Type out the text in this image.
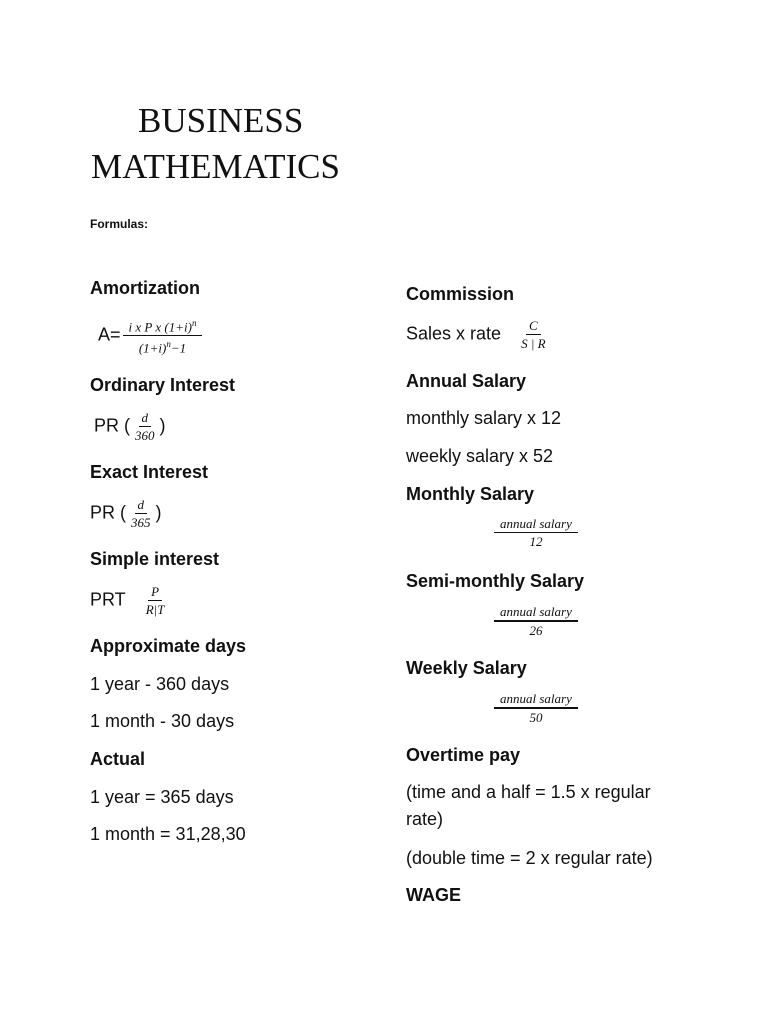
BUSINESS
MATHEMATICS

Formulas:

Amortization

$A= \frac{i x P x (1+i)^n}{(1+i)^n-1}$

Ordinary Interest

PR ( $\frac{d}{360}$ )

Exact Interest

PR ( $\frac{d}{365}$ )

Simple interest

PRT $\frac{P}{R|T}$

Approximate days

1 year - 360 days

1 month - 30 days

Actual

1 year = 365 days

1 month = 31,28,30

Commission

Sales x rate $\frac{C}{S | R}$

Annual Salary

monthly salary x 12

weekly salary x 52

Monthly Salary

$\frac{\text{annual salary}}{12}$

Semi-monthly Salary

$\frac{\text{annual salary}}{26}$

Weekly Salary

$\frac{\text{annual salary}}{50}$

Overtime pay

(time and a half = 1.5 x regular rate)

(double time = 2 x regular rate)

WAGE
